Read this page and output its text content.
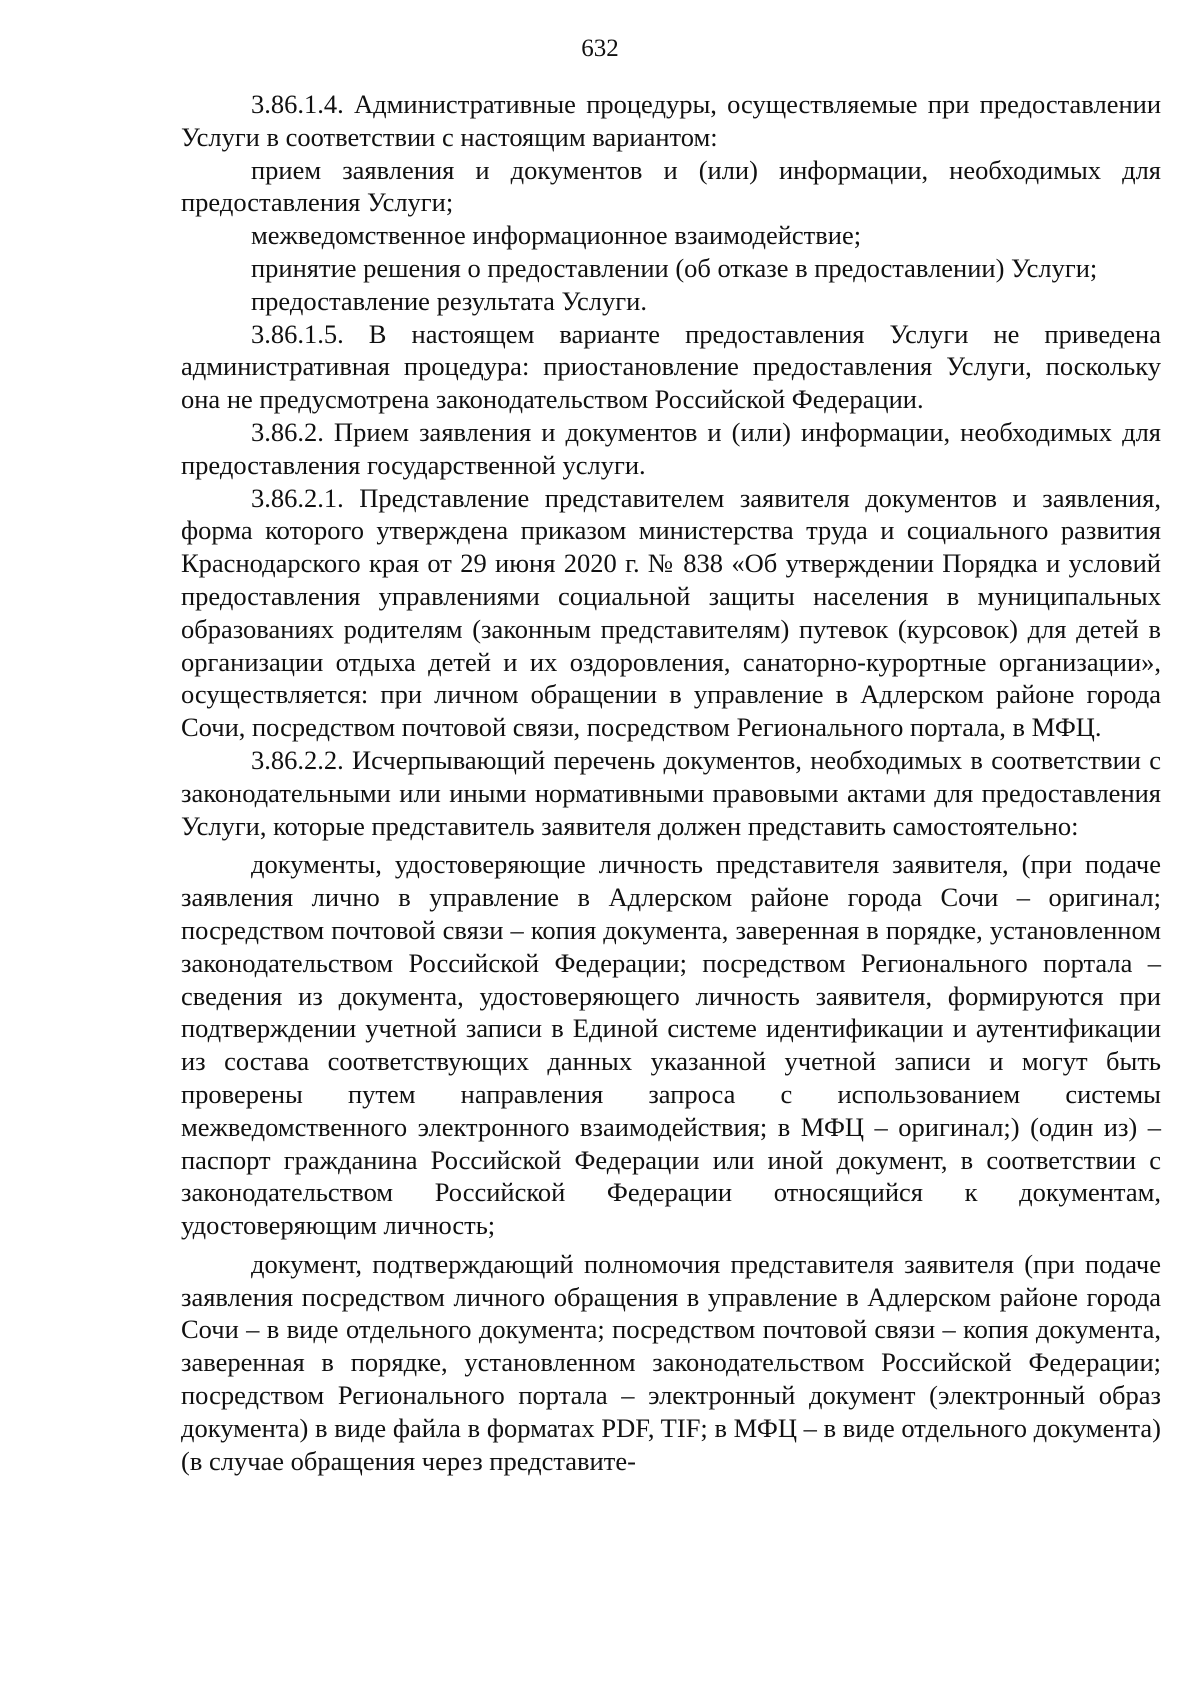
632

3.86.1.4. Административные процедуры, осуществляемые при предоставлении Услуги в соответствии с настоящим вариантом:

прием заявления и документов и (или) информации, необходимых для предоставления Услуги;

межведомственное информационное взаимодействие;

принятие решения о предоставлении (об отказе в предоставлении) Услуги;

предоставление результата Услуги.

3.86.1.5. В настоящем варианте предоставления Услуги не приведена административная процедура: приостановление предоставления Услуги, поскольку она не предусмотрена законодательством Российской Федерации.

3.86.2. Прием заявления и документов и (или) информации, необходимых для предоставления государственной услуги.

3.86.2.1. Представление представителем заявителя документов и заявления, форма которого утверждена приказом министерства труда и социального развития Краснодарского края от 29 июня 2020 г. № 838 «Об утверждении Порядка и условий предоставления управлениями социальной защиты населения в муниципальных образованиях родителям (законным представителям) путевок (курсовок) для детей в организации отдыха детей и их оздоровления, санаторно-курортные организации», осуществляется: при личном обращении в управление в Адлерском районе города Сочи, посредством почтовой связи, посредством Регионального портала, в МФЦ.

3.86.2.2. Исчерпывающий перечень документов, необходимых в соответствии с законодательными или иными нормативными правовыми актами для предоставления Услуги, которые представитель заявителя должен представить самостоятельно:

документы, удостоверяющие личность представителя заявителя, (при подаче заявления лично в управление в Адлерском районе города Сочи – оригинал; посредством почтовой связи – копия документа, заверенная в порядке, установленном законодательством Российской Федерации; посредством Регионального портала – сведения из документа, удостоверяющего личность заявителя, формируются при подтверждении учетной записи в Единой системе идентификации и аутентификации из состава соответствующих данных указанной учетной записи и могут быть проверены путем направления запроса с использованием системы межведомственного электронного взаимодействия; в МФЦ – оригинал;) (один из) – паспорт гражданина Российской Федерации или иной документ, в соответствии с законодательством Российской Федерации относящийся к документам, удостоверяющим личность;

документ, подтверждающий полномочия представителя заявителя (при подаче заявления посредством личного обращения в управление в Адлерском районе города Сочи – в виде отдельного документа; посредством почтовой связи – копия документа, заверенная в порядке, установленном законодательством Российской Федерации; посредством Регионального портала – электронный документ (электронный образ документа) в виде файла в форматах PDF, TIF; в МФЦ – в виде отдельного документа) (в случае обращения через представите-
